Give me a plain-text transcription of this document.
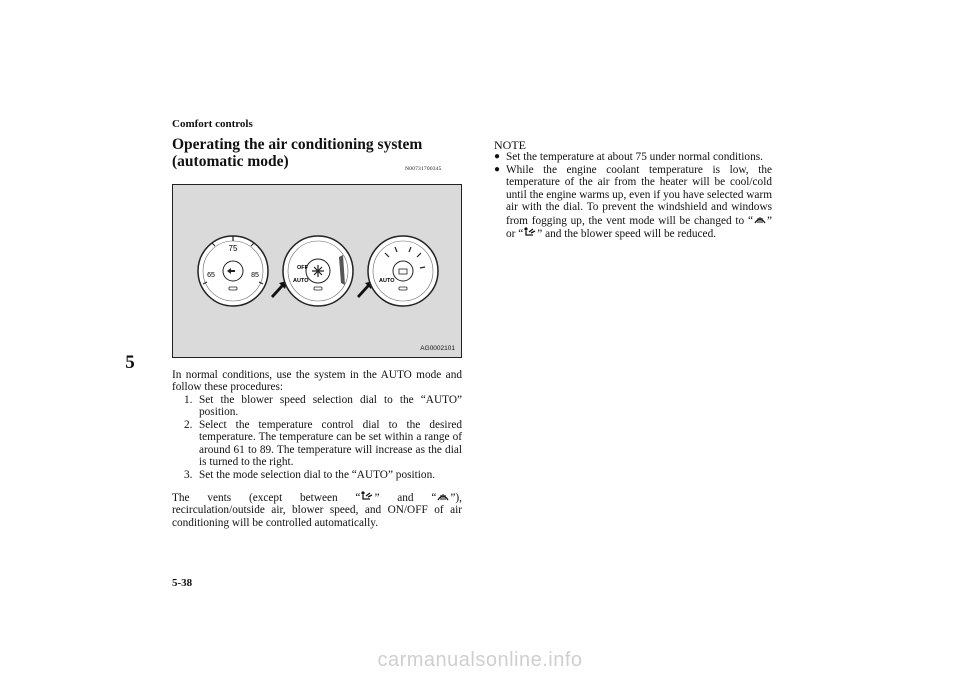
Comfort controls
5
Operating the air conditioning system (automatic mode)	N00731700345
75
65	85
OFF
AUTO	AUTO
AG0002101
In normal conditions, use the system in the AUTO mode and follow these procedures:
1. Set the blower speed selection dial to the “AUTO” position.
2. Select the temperature control dial to the desired temperature. The temperature can be set within a range of around 61 to 89. The temperature will increase as the dial is turned to the right.
3. Set the mode selection dial to the “AUTO” position.
The vents (except between “ ” and “ ”), recirculation/outside air, blower speed, and ON/OFF of air conditioning will be controlled automatically.
NOTE
● Set the temperature at about 75 under normal conditions.
● While the engine coolant temperature is low, the temperature of the air from the heater will be cool/cold until the engine warms up, even if you have selected warm air with the dial. To prevent the windshield and windows from fogging up, the vent mode will be changed to “ ” or “ ” and the blower speed will be reduced.
5-38
carmanualsonline.info
